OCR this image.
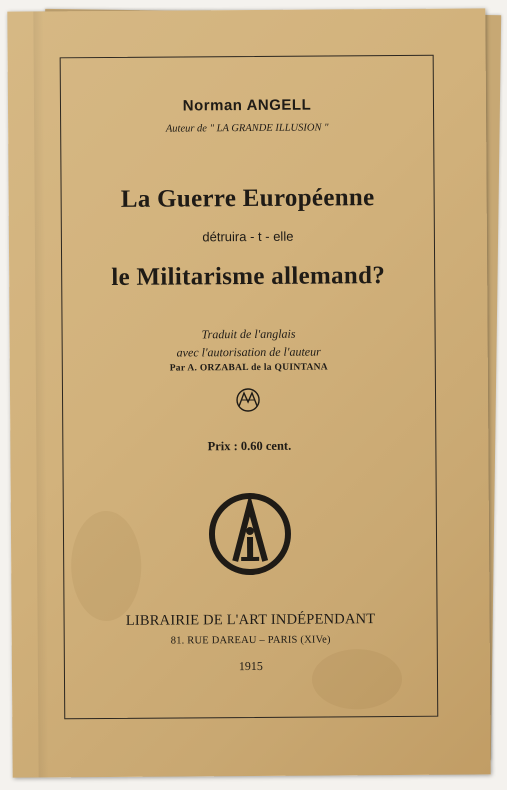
Norman ANGELL
Auteur de " LA GRANDE ILLUSION "
La Guerre Européenne
détruira - t - elle
le Militarisme allemand?
Traduit de l'anglais
avec l'autorisation de l'auteur
Par A. ORZABAL de la QUINTANA
Prix : 0.60 cent.
LIBRAIRIE DE L'ART INDÉPENDANT
81. RUE DAREAU – PARIS (XIVe)
1915
